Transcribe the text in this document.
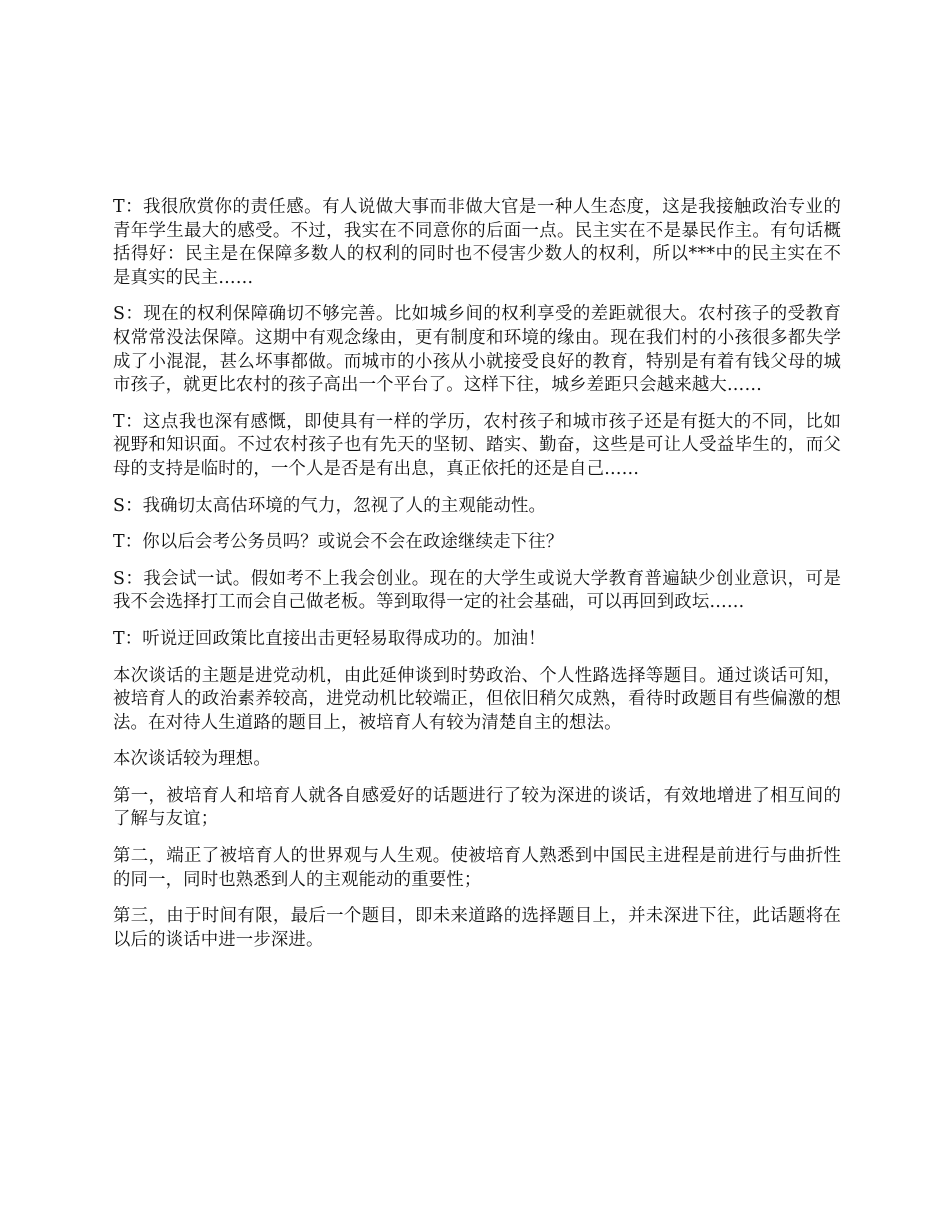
T：我很欣赏你的责任感。有人说做大事而非做大官是一种人生态度，这是我接触政治专业的青年学生最大的感受。不过，我实在不同意你的后面一点。民主实在不是暴民作主。有句话概括得好：民主是在保障多数人的权利的同时也不侵害少数人的权利，所以***中的民主实在不是真实的民主……

S：现在的权利保障确切不够完善。比如城乡间的权利享受的差距就很大。农村孩子的受教育权常常没法保障。这期中有观念缘由，更有制度和环境的缘由。现在我们村的小孩很多都失学成了小混混，甚么坏事都做。而城市的小孩从小就接受良好的教育，特别是有着有钱父母的城市孩子，就更比农村的孩子高出一个平台了。这样下往，城乡差距只会越来越大……

T：这点我也深有感慨，即使具有一样的学历，农村孩子和城市孩子还是有挺大的不同，比如视野和知识面。不过农村孩子也有先天的坚韧、踏实、勤奋，这些是可让人受益毕生的，而父母的支持是临时的，一个人是否是有出息，真正依托的还是自己……

S：我确切太高估环境的气力，忽视了人的主观能动性。

T：你以后会考公务员吗？或说会不会在政途继续走下往？

S：我会试一试。假如考不上我会创业。现在的大学生或说大学教育普遍缺少创业意识，可是我不会选择打工而会自己做老板。等到取得一定的社会基础，可以再回到政坛……

T：听说迂回政策比直接出击更轻易取得成功的。加油！

本次谈话的主题是进党动机，由此延伸谈到时势政治、个人性路选择等题目。通过谈话可知，被培育人的政治素养较高，进党动机比较端正，但依旧稍欠成熟，看待时政题目有些偏激的想法。在对待人生道路的题目上，被培育人有较为清楚自主的想法。

本次谈话较为理想。

第一，被培育人和培育人就各自感爱好的话题进行了较为深进的谈话，有效地增进了相互间的了解与友谊；

第二，端正了被培育人的世界观与人生观。使被培育人熟悉到中国民主进程是前进行与曲折性的同一，同时也熟悉到人的主观能动的重要性；

第三，由于时间有限，最后一个题目，即未来道路的选择题目上，并未深进下往，此话题将在以后的谈话中进一步深进。
